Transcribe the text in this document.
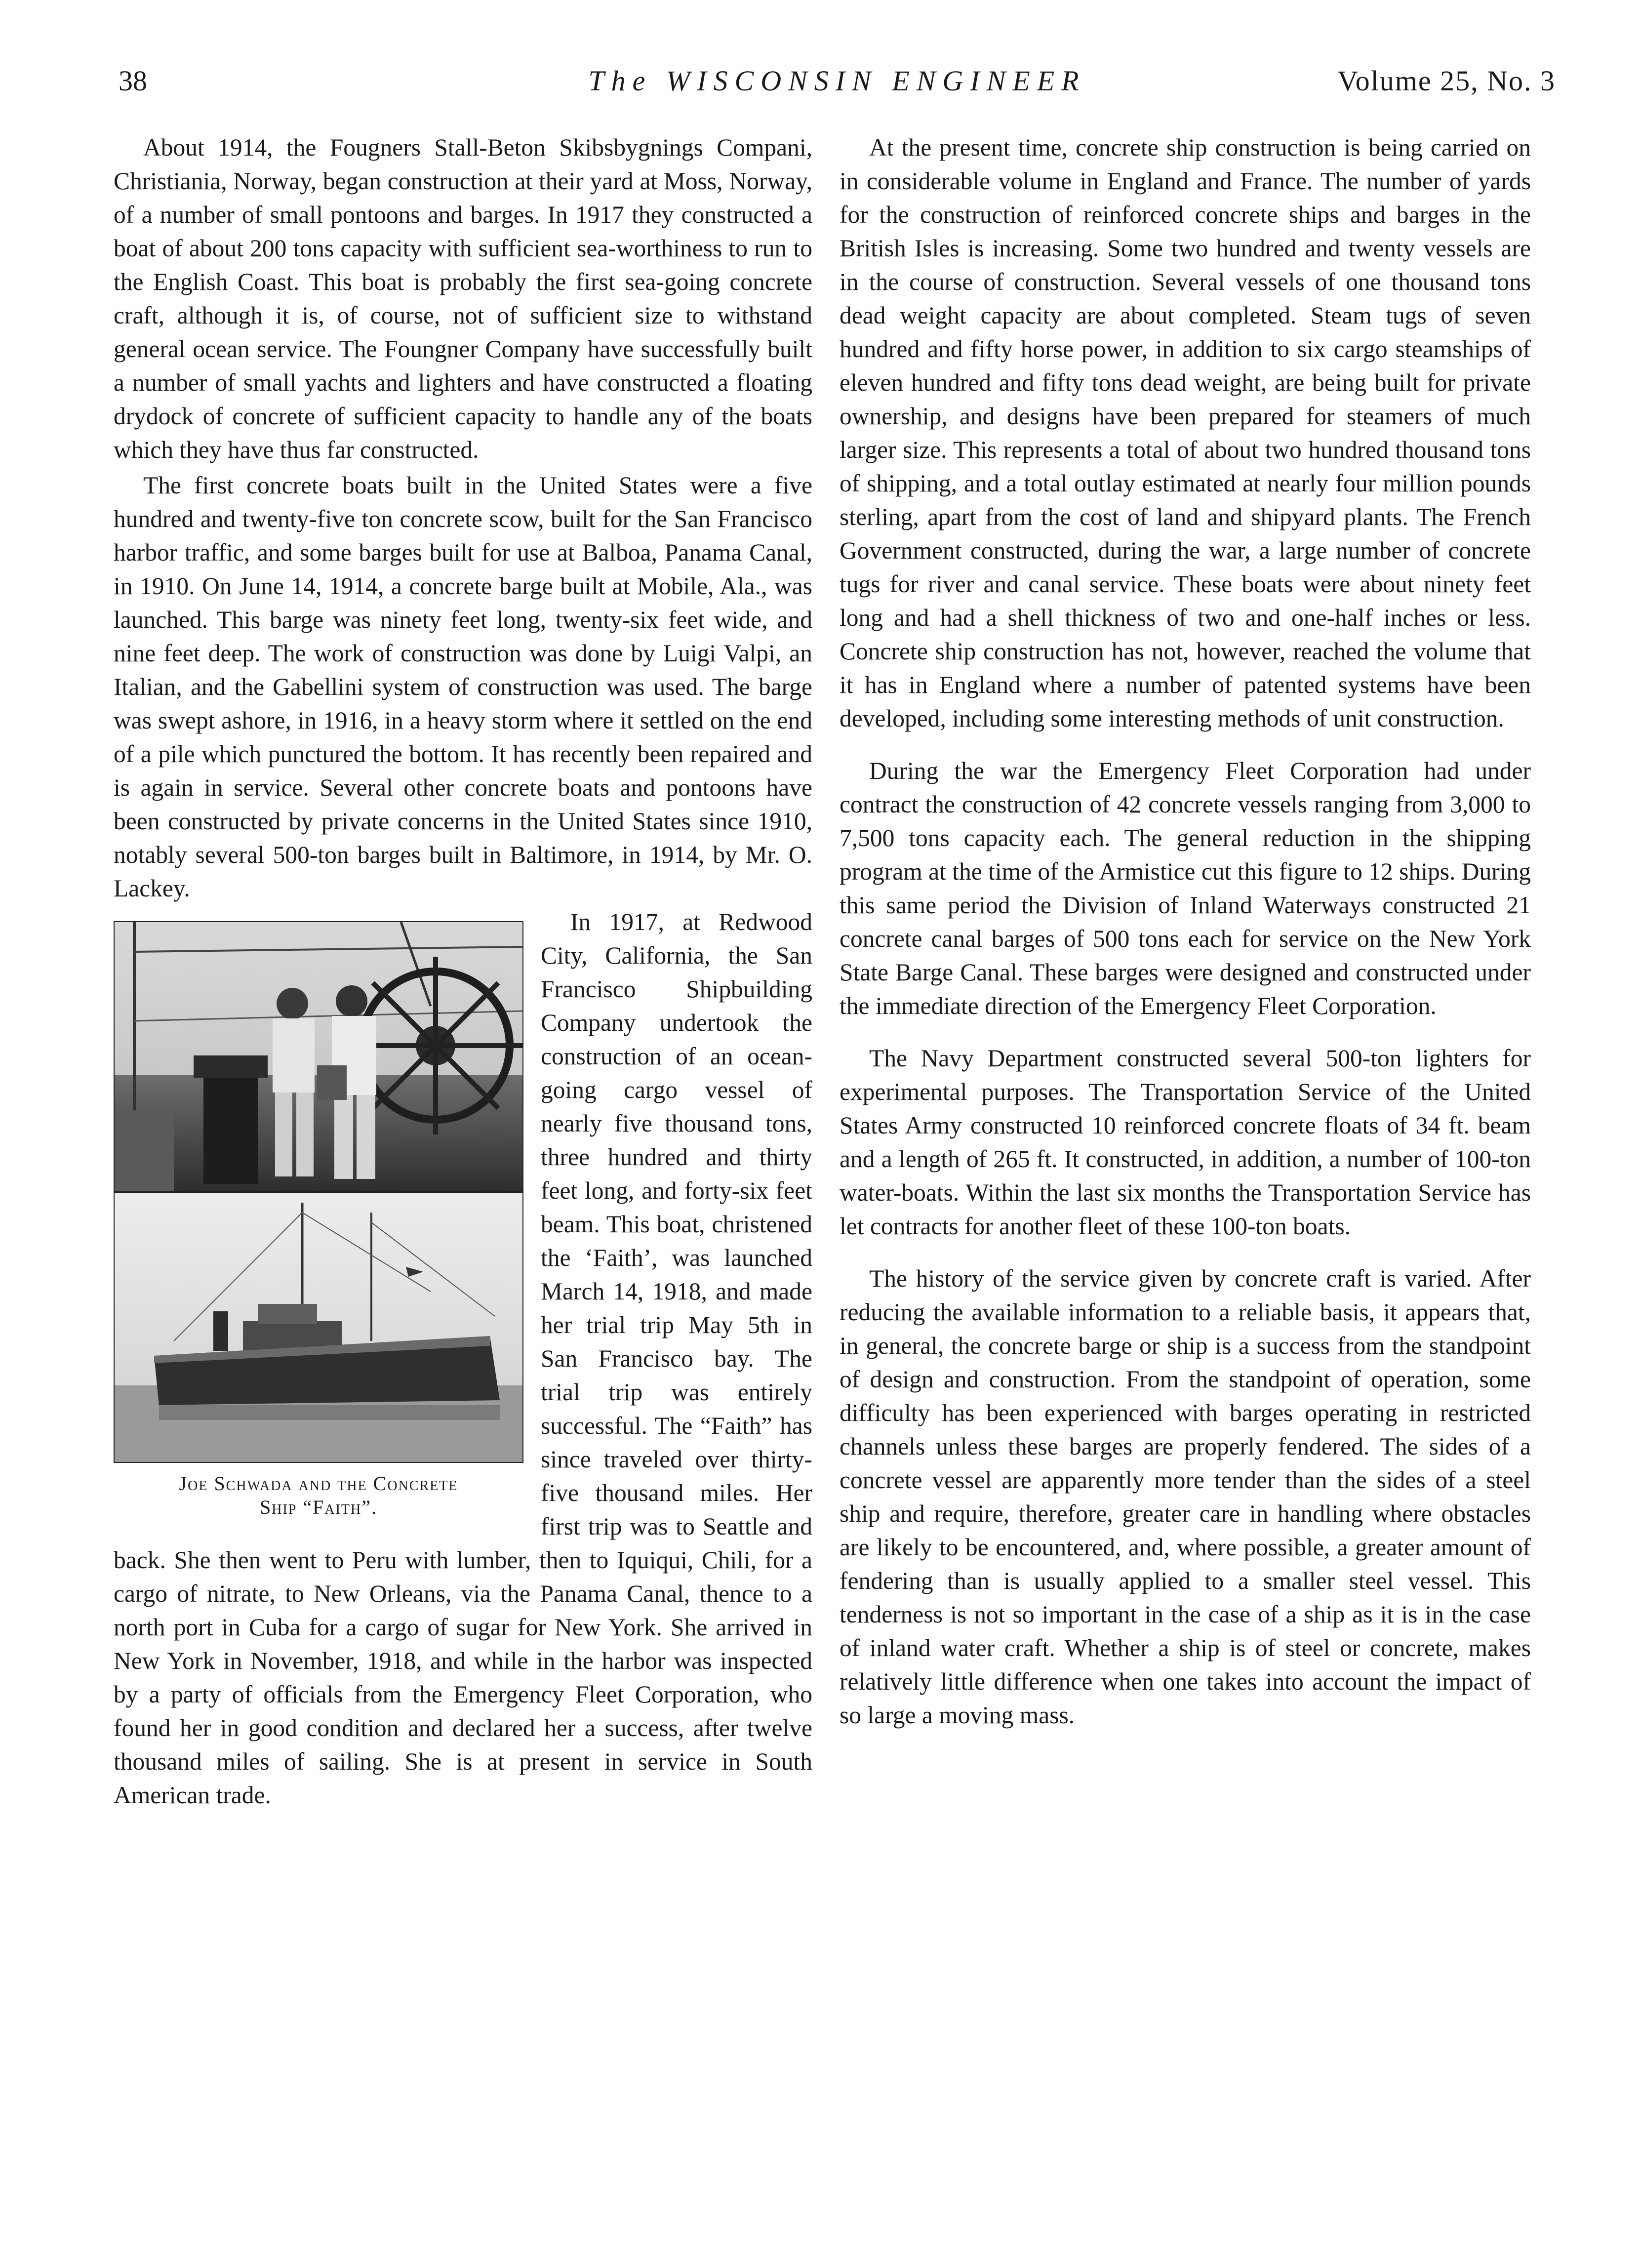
38	The WISCONSIN ENGINEER	Volume 25, No. 3

About 1914, the Fougners Stall-Beton Skibsbygnings Compani, Christiania, Norway, began construction at their yard at Moss, Norway, of a number of small pontoons and barges. In 1917 they constructed a boat of about 200 tons capacity with sufficient sea-worthiness to run to the English Coast. This boat is probably the first sea-going concrete craft, although it is, of course, not of sufficient size to withstand general ocean service. The Foungner Company have successfully built a number of small yachts and lighters and have constructed a floating drydock of concrete of sufficient capacity to handle any of the boats which they have thus far constructed.

The first concrete boats built in the United States were a five hundred and twenty-five ton concrete scow, built for the San Francisco harbor traffic, and some barges built for use at Balboa, Panama Canal, in 1910. On June 14, 1914, a concrete barge built at Mobile, Ala., was launched. This barge was ninety feet long, twenty-six feet wide, and nine feet deep. The work of construction was done by Luigi Valpi, an Italian, and the Gabellini system of construction was used. The barge was swept ashore, in 1916, in a heavy storm where it settled on the end of a pile which punctured the bottom. It has recently been repaired and is again in service. Several other concrete boats and pontoons have been constructed by private concerns in the United States since 1910, notably several 500-ton barges built in Baltimore, in 1914, by Mr. O. Lackey.

Joe Schwada and the Concrete
Ship “Faith”.

In 1917, at Redwood City, California, the San Francisco Shipbuilding Company undertook the construction of an ocean-going cargo vessel of nearly five thousand tons, three hundred and thirty feet long, and forty-six feet beam. This boat, christened the ‘Faith’, was launched March 14, 1918, and made her trial trip May 5th in San Francisco bay. The trial trip was entirely successful. The “Faith” has since traveled over thirty-five thousand miles. Her first trip was to Seattle and back. She then went to Peru with lumber, then to Iquiqui, Chili, for a cargo of nitrate, to New Orleans, via the Panama Canal, thence to a north port in Cuba for a cargo of sugar for New York. She arrived in New York in November, 1918, and while in the harbor was inspected by a party of officials from the Emergency Fleet Corporation, who found her in good condition and declared her a success, after twelve thousand miles of sailing. She is at present in service in South American trade.

At the present time, concrete ship construction is being carried on in considerable volume in England and France. The number of yards for the construction of reinforced concrete ships and barges in the British Isles is increasing. Some two hundred and twenty vessels are in the course of construction. Several vessels of one thousand tons dead weight capacity are about completed. Steam tugs of seven hundred and fifty horse power, in addition to six cargo steamships of eleven hundred and fifty tons dead weight, are being built for private ownership, and designs have been prepared for steamers of much larger size. This represents a total of about two hundred thousand tons of shipping, and a total outlay estimated at nearly four million pounds sterling, apart from the cost of land and shipyard plants. The French Government constructed, during the war, a large number of concrete tugs for river and canal service. These boats were about ninety feet long and had a shell thickness of two and one-half inches or less. Concrete ship construction has not, however, reached the volume that it has in England where a number of patented systems have been developed, including some interesting methods of unit construction.

During the war the Emergency Fleet Corporation had under contract the construction of 42 concrete vessels ranging from 3,000 to 7,500 tons capacity each. The general reduction in the shipping program at the time of the Armistice cut this figure to 12 ships. During this same period the Division of Inland Waterways constructed 21 concrete canal barges of 500 tons each for service on the New York State Barge Canal. These barges were designed and constructed under the immediate direction of the Emergency Fleet Corporation.

The Navy Department constructed several 500-ton lighters for experimental purposes. The Transportation Service of the United States Army constructed 10 reinforced concrete floats of 34 ft. beam and a length of 265 ft. It constructed, in addition, a number of 100-ton water-boats. Within the last six months the Transportation Service has let contracts for another fleet of these 100-ton boats.

The history of the service given by concrete craft is varied. After reducing the available information to a reliable basis, it appears that, in general, the concrete barge or ship is a success from the standpoint of design and construction. From the standpoint of operation, some difficulty has been experienced with barges operating in restricted channels unless these barges are properly fendered. The sides of a concrete vessel are apparently more tender than the sides of a steel ship and require, therefore, greater care in handling where obstacles are likely to be encountered, and, where possible, a greater amount of fendering than is usually applied to a smaller steel vessel. This tenderness is not so important in the case of a ship as it is in the case of inland water craft. Whether a ship is of steel or concrete, makes relatively little difference when one takes into account the impact of so large a moving mass.
